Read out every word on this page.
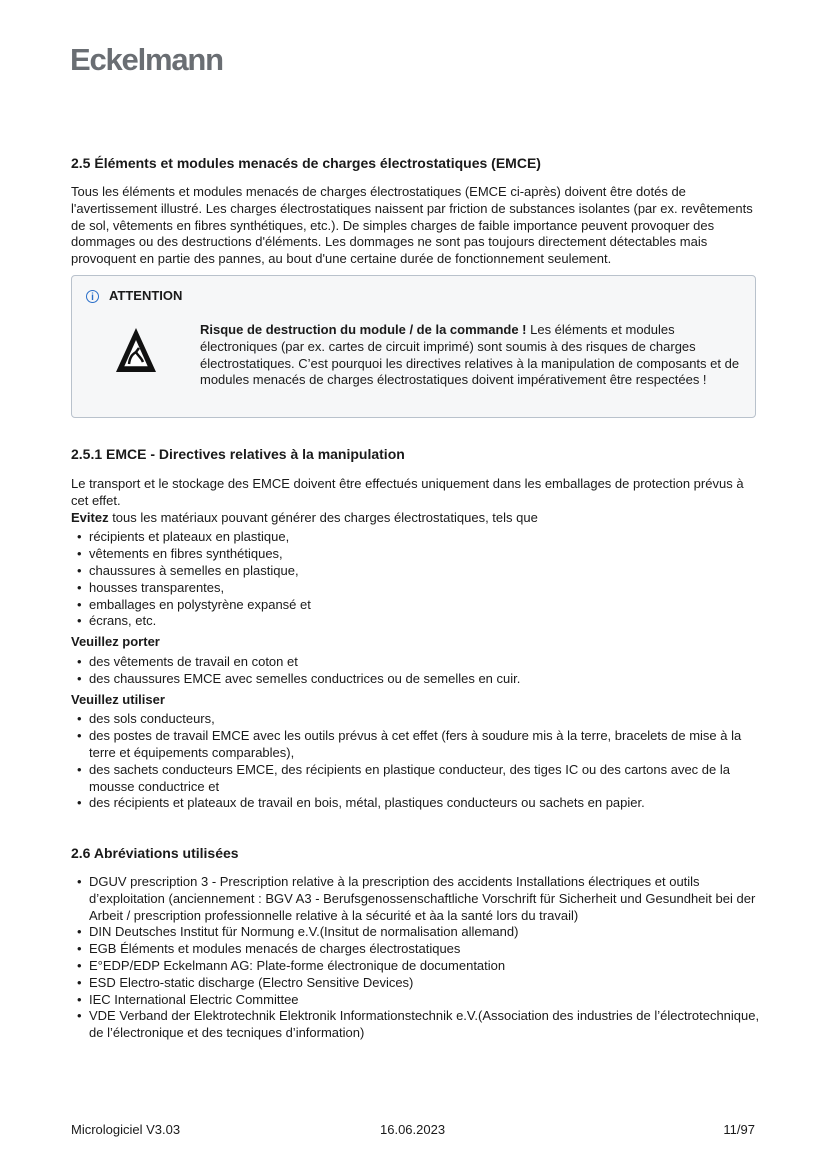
Eckelmann
2.5 Éléments et modules menacés de charges électrostatiques (EMCE)

Tous les éléments et modules menacés de charges électrostatiques (EMCE ci-après) doivent être dotés de l'avertissement illustré. Les charges électrostatiques naissent par friction de substances isolantes (par ex. revêtements de sol, vêtements en fibres synthétiques, etc.). De simples charges de faible importance peuvent provoquer des dommages ou des destructions d'éléments. Les dommages ne sont pas toujours directement détectables mais provoquent en partie des pannes, au bout d'une certaine durée de fonctionnement seulement.

i	ATTENTION

Risque de destruction du module / de la commande ! Les éléments et modules électroniques (par ex. cartes de circuit imprimé) sont soumis à des risques de charges électrostatiques. C’est pourquoi les directives relatives à la manipulation de composants et de modules menacés de charges électrostatiques doivent impérativement être respectées !

2.5.1 EMCE - Directives relatives à la manipulation

Le transport et le stockage des EMCE doivent être effectués uniquement dans les emballages de protection prévus à cet effet.

Evitez tous les matériaux pouvant générer des charges électrostatiques, tels que

• récipients et plateaux en plastique,
• vêtements en fibres synthétiques,
• chaussures à semelles en plastique,
• housses transparentes,
• emballages en polystyrène expansé et
• écrans, etc.

Veuillez porter

• des vêtements de travail en coton et
• des chaussures EMCE avec semelles conductrices ou de semelles en cuir.

Veuillez utiliser

• des sols conducteurs,
• des postes de travail EMCE avec les outils prévus à cet effet (fers à soudure mis à la terre, bracelets de mise à la terre et équipements comparables),
• des sachets conducteurs EMCE, des récipients en plastique conducteur, des tiges IC ou des cartons avec de la mousse conductrice et
• des récipients et plateaux de travail en bois, métal, plastiques conducteurs ou sachets en papier.
2.6 Abréviations utilisées
• DGUV prescription 3 - Prescription relative à la prescription des accidents Installations électriques et outils d’exploitation (anciennement : BGV A3 - Berufsgenossenschaftliche Vorschrift für Sicherheit und Gesundheit bei der Arbeit / prescription professionnelle relative à la sécurité et àa la santé lors du travail)
• DIN Deutsches Institut für Normung e.V.(Insitut de normalisation allemand)
• EGB Éléments et modules menacés de charges électrostatiques
• E°EDP/EDP Eckelmann AG: Plate-forme électronique de documentation
• ESD Electro-static discharge (Electro Sensitive Devices)
• IEC International Electric Committee
• VDE Verband der Elektrotechnik Elektronik Informationstechnik e.V.(Association des industries de l’électrotechnique, de l’électronique et des tecniques d’information)
Micrologiciel V3.03	16.06.2023	11/97
